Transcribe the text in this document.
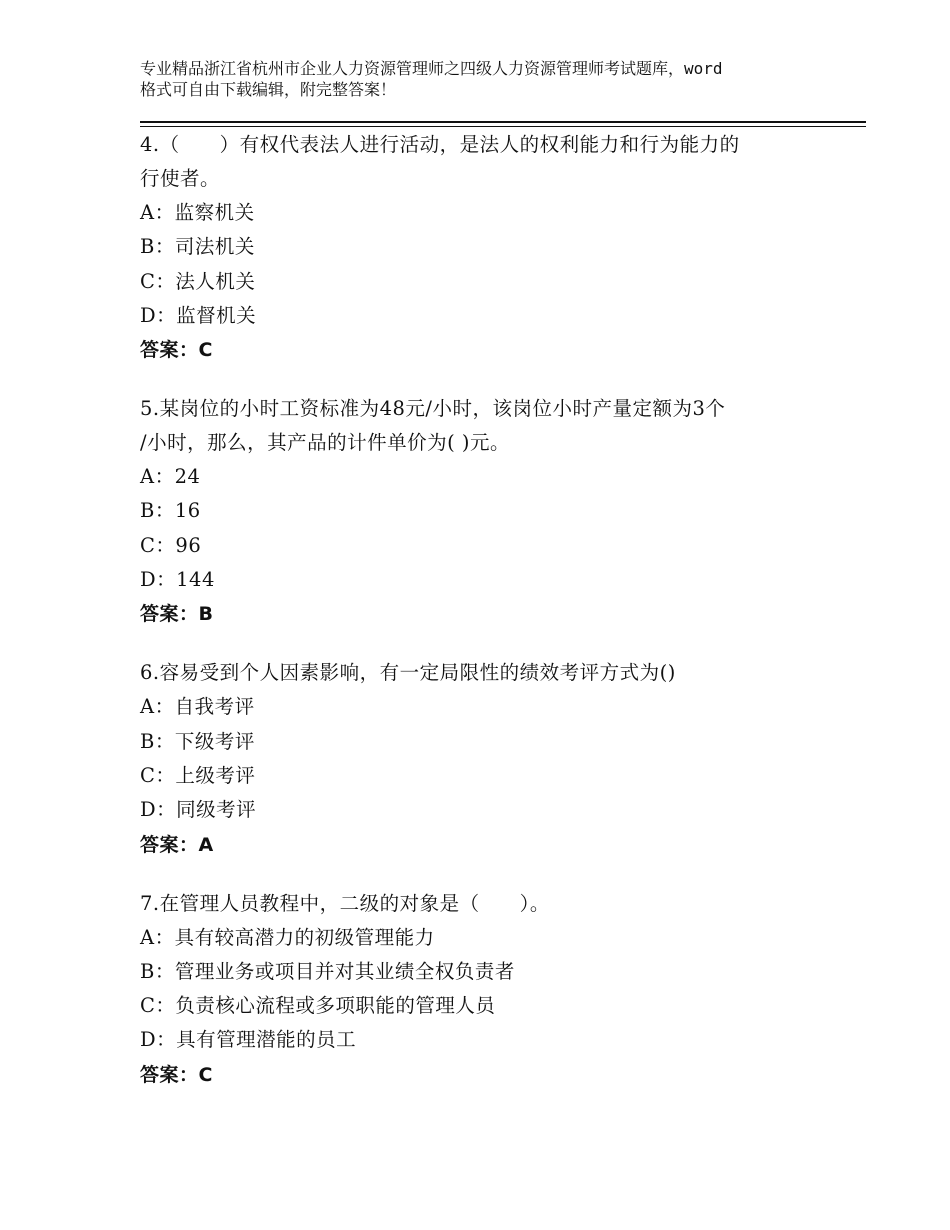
专业精品浙江省杭州市企业人力资源管理师之四级人力资源管理师考试题库，word
格式可自由下载编辑，附完整答案！
4.（　　）有权代表法人进行活动，是法人的权利能力和行为能力的
行使者。
A：监察机关
B：司法机关
C：法人机关
D：监督机关
答案：C
5.某岗位的小时工资标准为48元/小时，该岗位小时产量定额为3个
/小时，那么，其产品的计件单价为( )元。
A：24
B：16
C：96
D：144
答案：B
6.容易受到个人因素影响，有一定局限性的绩效考评方式为()
A：自我考评
B：下级考评
C：上级考评
D：同级考评
答案：A
7.在管理人员教程中，二级的对象是（　　）。
A：具有较高潜力的初级管理能力
B：管理业务或项目并对其业绩全权负责者
C：负责核心流程或多项职能的管理人员
D：具有管理潜能的员工
答案：C
